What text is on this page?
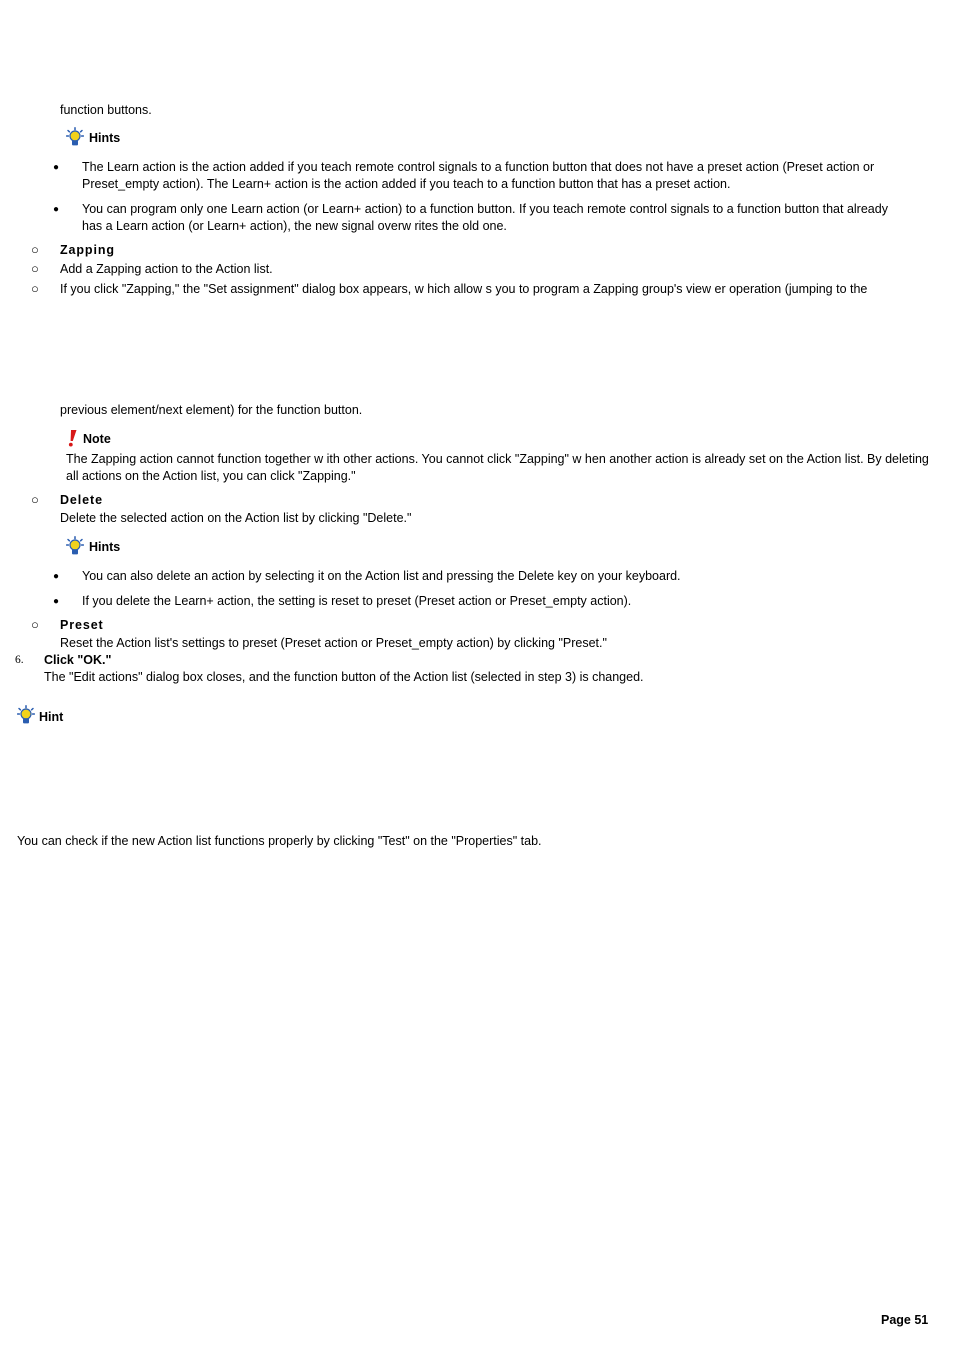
function buttons.
Hints
● The Learn action is the action added if you teach remote control signals to a function button that does not have a preset action (Preset action or Preset_empty action). The Learn+ action is the action added if you teach to a function button that has a preset action.
● You can program only one Learn action (or Learn+ action) to a function button. If you teach remote control signals to a function button that already has a Learn action (or Learn+ action), the new signal overw rites the old one.
○ Zapping
○ Add a Zapping action to the Action list.
○ If you click "Zapping," the "Set assignment" dialog box appears, w hich allow s you to program a Zapping group's view er operation (jumping to the
previous element/next element) for the function button.
Note
The Zapping action cannot function together w ith other actions. You cannot click "Zapping" w hen another action is already set on the Action list. By deleting all actions on the Action list, you can click "Zapping."
○ Delete
Delete the selected action on the Action list by clicking "Delete."
Hints
● You can also delete an action by selecting it on the Action list and pressing the Delete key on your keyboard.
● If you delete the Learn+ action, the setting is reset to preset (Preset action or Preset_empty action).
○ Preset
Reset the Action list's settings to preset (Preset action or Preset_empty action) by clicking "Preset."
6. Click "OK."
The "Edit actions" dialog box closes, and the function button of the Action list (selected in step 3) is changed.
Hint
You can check if the new Action list functions properly by clicking "Test" on the "Properties" tab.
Page 51
